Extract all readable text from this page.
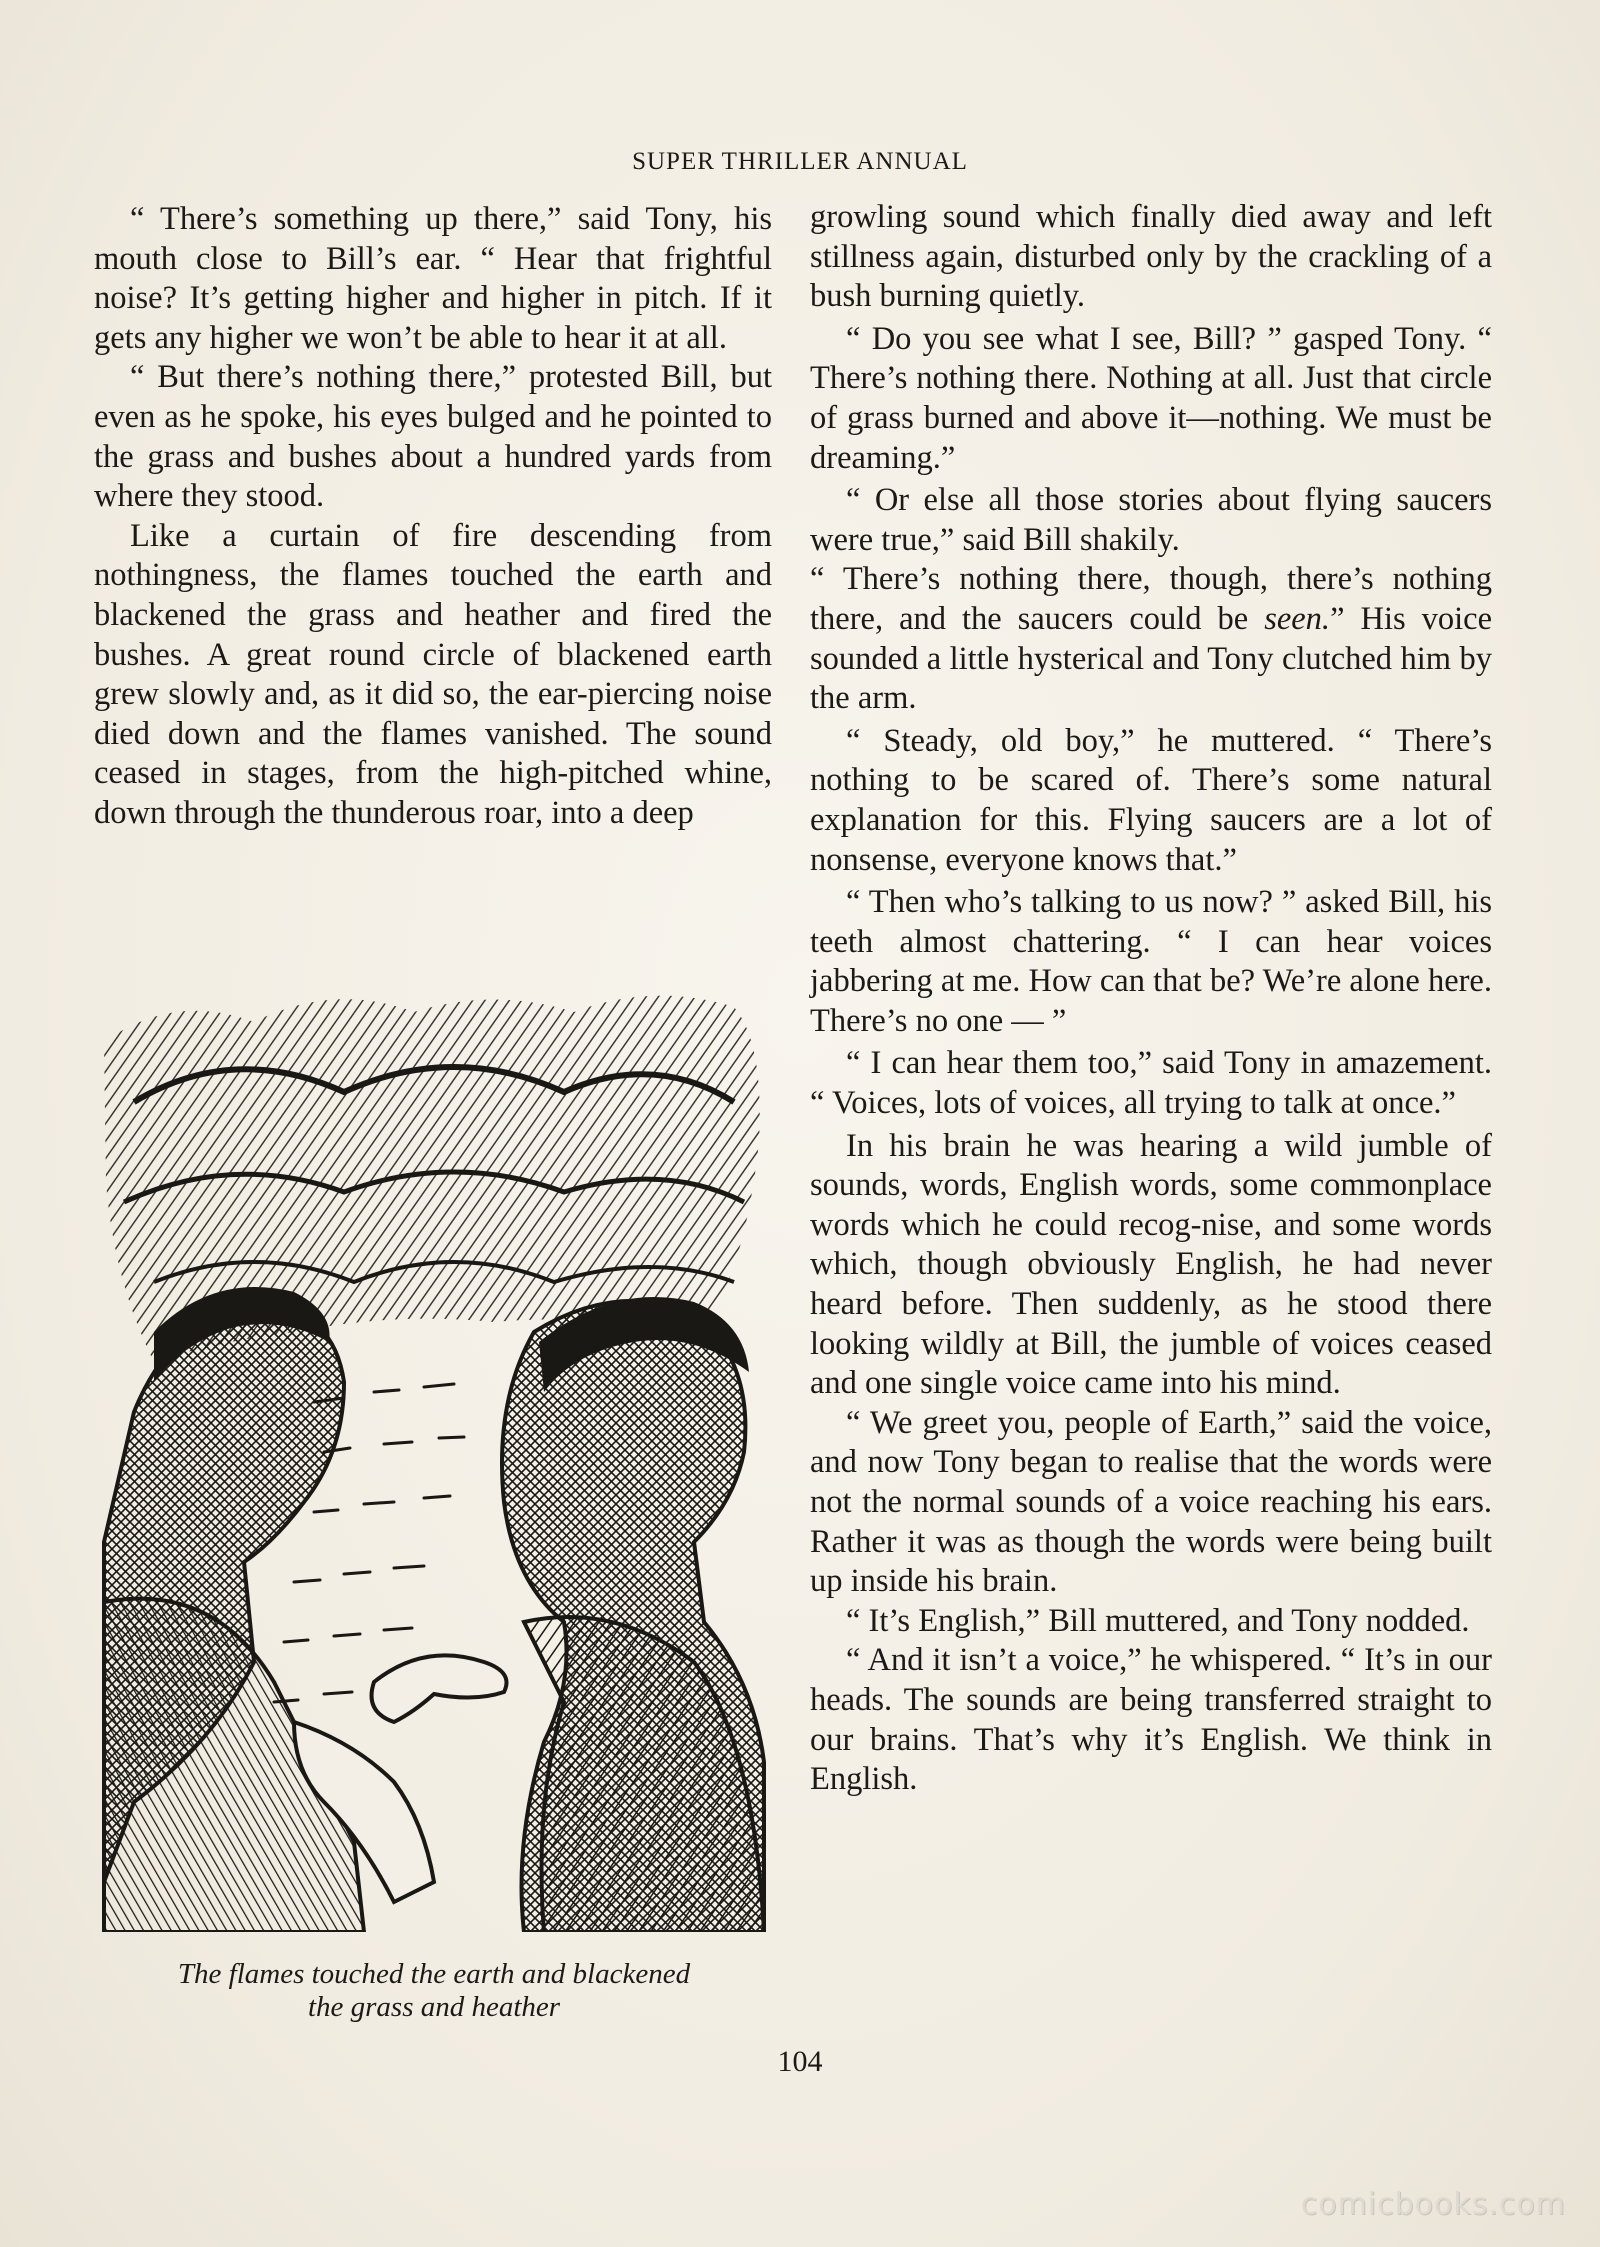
SUPER THRILLER ANNUAL

“ There’s something up there,” said Tony, his mouth close to Bill’s ear. “ Hear that frightful noise? It’s getting higher and higher in pitch. If it gets any higher we won’t be able to hear it at all.

“ But there’s nothing there,” protested Bill, but even as he spoke, his eyes bulged and he pointed to the grass and bushes about a hundred yards from where they stood.

Like a curtain of fire descending from nothingness, the flames touched the earth and blackened the grass and heather and fired the bushes. A great round circle of blackened earth grew slowly and, as it did so, the ear-piercing noise died down and the flames vanished. The sound ceased in stages, from the high-pitched whine, down through the thunderous roar, into a deep

The flames touched the earth and blackened
the grass and heather

growling sound which finally died away and left stillness again, disturbed only by the crackling of a bush burning quietly.

“ Do you see what I see, Bill? ” gasped Tony. “ There’s nothing there. Nothing at all. Just that circle of grass burned and above it—nothing. We must be dreaming.”

“ Or else all those stories about flying saucers were true,” said Bill shakily.

“ There’s nothing there, though, there’s nothing there, and the saucers could be seen.” His voice sounded a little hysterical and Tony clutched him by the arm.

“ Steady, old boy,” he muttered. “ There’s nothing to be scared of. There’s some natural explanation for this. Flying saucers are a lot of nonsense, everyone knows that.”

“ Then who’s talking to us now? ” asked Bill, his teeth almost chattering. “ I can hear voices jabbering at me. How can that be? We’re alone here. There’s no one — ”

“ I can hear them too,” said Tony in amazement. “ Voices, lots of voices, all trying to talk at once.”

In his brain he was hearing a wild jumble of sounds, words, English words, some commonplace words which he could recog-nise, and some words which, though obviously English, he had never heard before. Then suddenly, as he stood there looking wildly at Bill, the jumble of voices ceased and one single voice came into his mind.

“ We greet you, people of Earth,” said the voice, and now Tony began to realise that the words were not the normal sounds of a voice reaching his ears. Rather it was as though the words were being built up inside his brain.

“ It’s English,” Bill muttered, and Tony nodded.

“ And it isn’t a voice,” he whispered. “ It’s in our heads. The sounds are being transferred straight to our brains. That’s why it’s English. We think in English.

104
comicbooks.com
